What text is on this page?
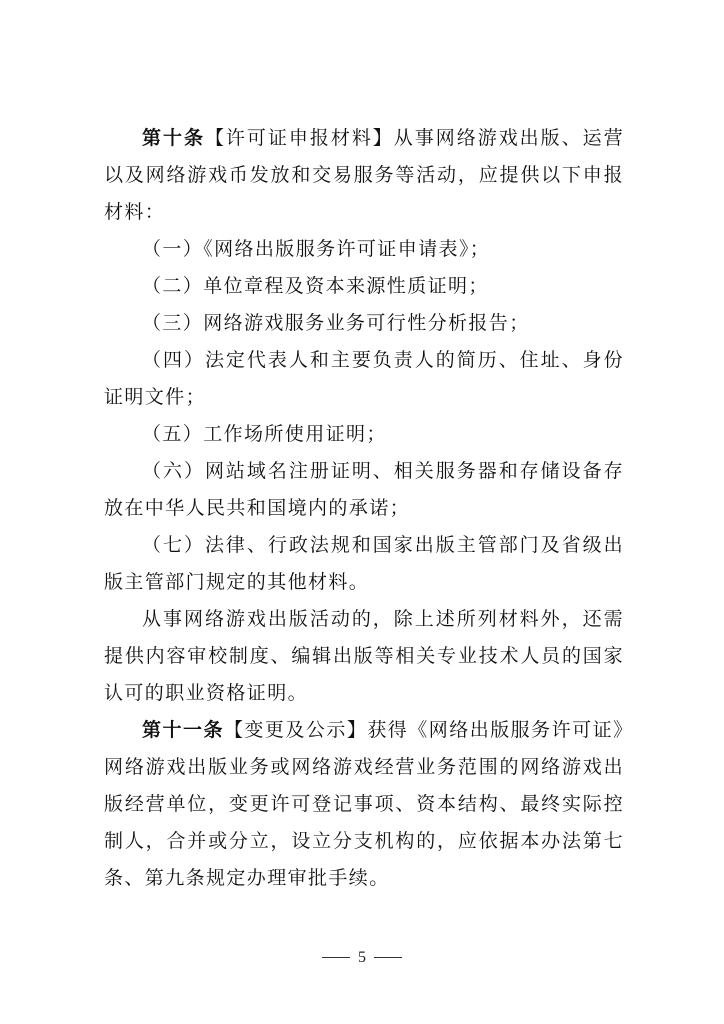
第十条【许可证申报材料】从事网络游戏出版、运营以及网络游戏币发放和交易服务等活动，应提供以下申报材料：

（一）《网络出版服务许可证申请表》；

（二）单位章程及资本来源性质证明；

（三）网络游戏服务业务可行性分析报告；

（四）法定代表人和主要负责人的简历、住址、身份证明文件；

（五）工作场所使用证明；

（六）网站域名注册证明、相关服务器和存储设备存放在中华人民共和国境内的承诺；

（七）法律、行政法规和国家出版主管部门及省级出版主管部门规定的其他材料。

从事网络游戏出版活动的，除上述所列材料外，还需提供内容审校制度、编辑出版等相关专业技术人员的国家认可的职业资格证明。

第十一条【变更及公示】获得《网络出版服务许可证》网络游戏出版业务或网络游戏经营业务范围的网络游戏出版经营单位，变更许可登记事项、资本结构、最终实际控制人，合并或分立，设立分支机构的，应依据本办法第七条、第九条规定办理审批手续。

5
